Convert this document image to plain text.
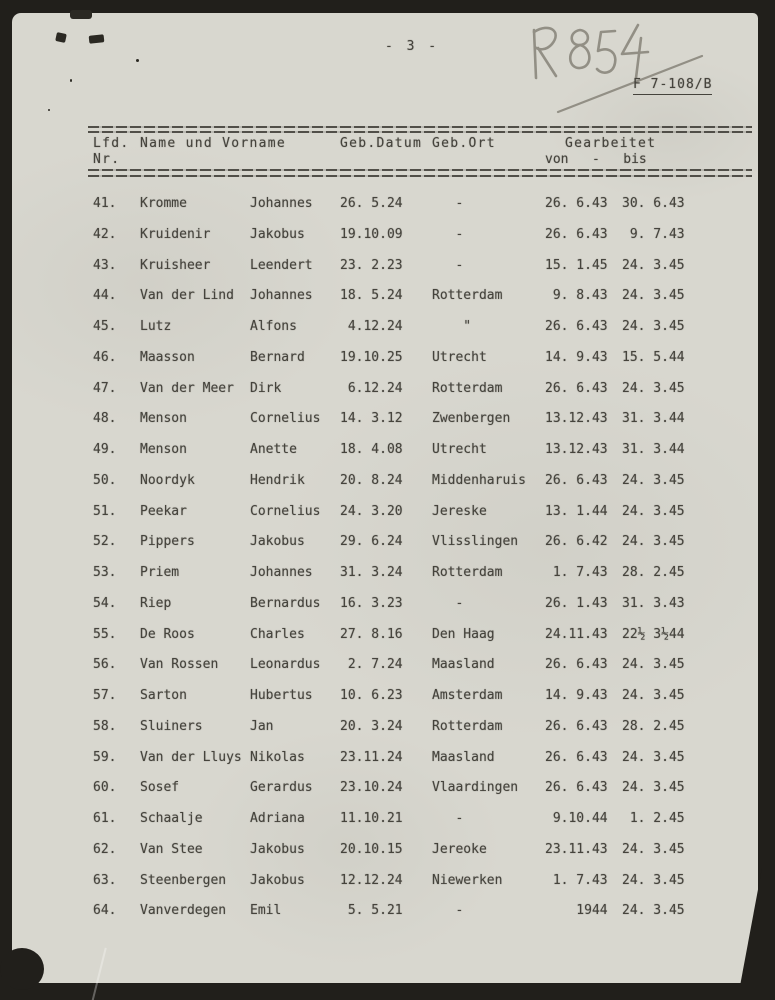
- 3 -
F 7-108/B
Lfd.
Nr.
Name und Vorname	Geb.Datum Geb.Ort	Gearbeitet
von   -   bis
41. Kromme	Johannes 26. 5.24 -	26. 6.43 30. 6.43
42. Kruidenir	Jakobus	19.10.09 -	26. 6.43 9. 7.43
43. Kruisheer	Leendert 23. 2.23 -	15. 1.45 24. 3.45
44. Van der Lind Johannes 18. 5.24 Rotterdam	9. 8.43 24. 3.45
45. Lutz	Alfons	4.12.24 "	26. 6.43 24. 3.45
46. Maasson	Bernard	19.10.25 Utrecht	14. 9.43 15. 5.44
47. Van der Meer Dirk	6.12.24 Rotterdam	26. 6.43 24. 3.45
48. Menson	Cornelius 14. 3.12 Zwenbergen	13.12.43 31. 3.44
49. Menson	Anette	18. 4.08 Utrecht	13.12.43 31. 3.44
50. Noordyk	Hendrik	20. 8.24 Middenharuis 26. 6.43 24. 3.45
51. Peekar	Cornelius 24. 3.20 Jereske	13. 1.44 24. 3.45
52. Pippers	Jakobus	29. 6.24 Vlisslingen 26. 6.42 24. 3.45
53. Priem	Johannes 31. 3.24 Rotterdam	1. 7.43 28. 2.45
54. Riep	Bernardus 16. 3.23 -	26. 1.43 31. 3.43
55. De Roos	Charles	27. 8.16 Den Haag	24.11.43 22½ 3½44
56. Van Rossen Leonardus 2. 7.24 Maasland	26. 6.43 24. 3.45
57. Sarton	Hubertus 10. 6.23 Amsterdam	14. 9.43 24. 3.45
58. Sluiners	Jan	20. 3.24 Rotterdam	26. 6.43 28. 2.45
59. Van der Lluys Nikolas	23.11.24 Maasland	26. 6.43 24. 3.45
60. Sosef	Gerardus 23.10.24 Vlaardingen 26. 6.43 24. 3.45
61. Schaalje	Adriana	11.10.21 -	9.10.44 1. 2.45
62. Van Stee	Jakobus	20.10.15 Jereoke	23.11.43 24. 3.45
63. Steenbergen Jakobus	12.12.24 Niewerken	1. 7.43 24. 3.45
64. Vanverdegen Emil	5. 5.21 -	1944 24. 3.45
